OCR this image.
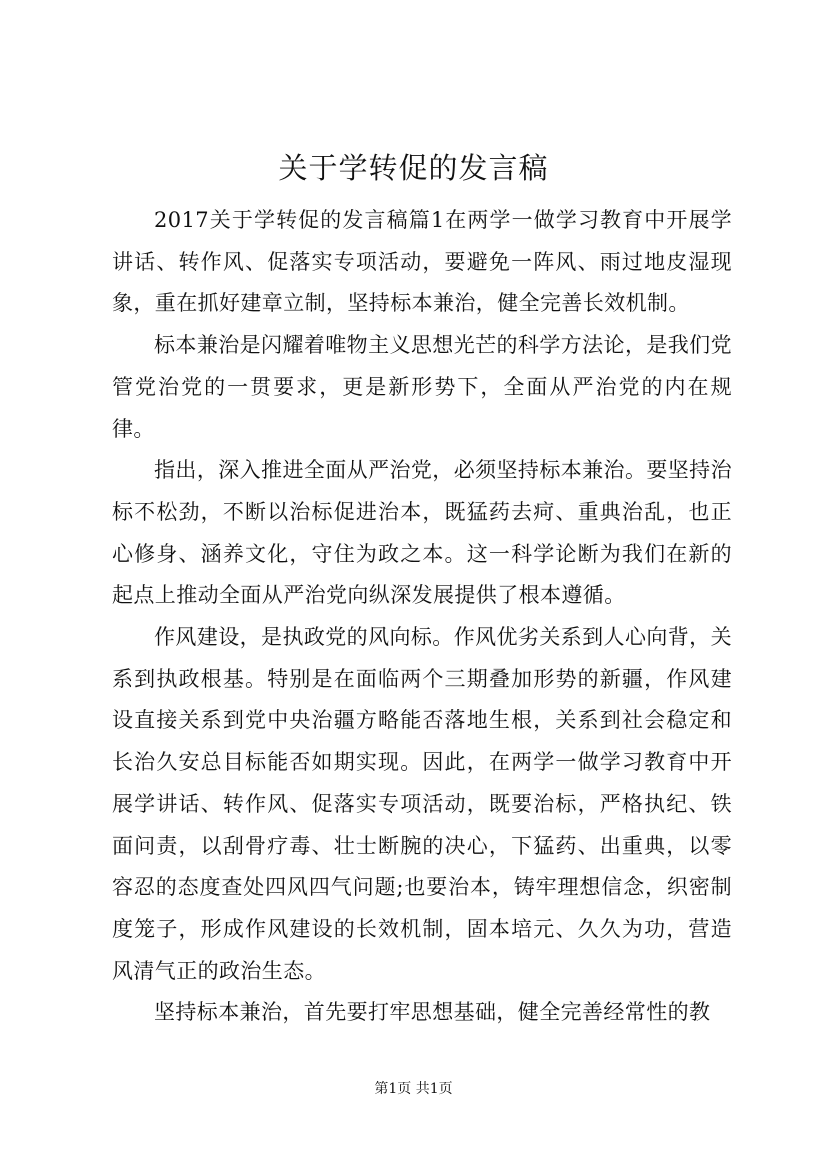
关于学转促的发言稿

2017关于学转促的发言稿篇1在两学一做学习教育中开展学讲话、转作风、促落实专项活动，要避免一阵风、雨过地皮湿现象，重在抓好建章立制，坚持标本兼治，健全完善长效机制。

标本兼治是闪耀着唯物主义思想光芒的科学方法论，是我们党管党治党的一贯要求，更是新形势下，全面从严治党的内在规律。

指出，深入推进全面从严治党，必须坚持标本兼治。要坚持治标不松劲，不断以治标促进治本，既猛药去疴、重典治乱，也正心修身、涵养文化，守住为政之本。这一科学论断为我们在新的起点上推动全面从严治党向纵深发展提供了根本遵循。

作风建设，是执政党的风向标。作风优劣关系到人心向背，关系到执政根基。特别是在面临两个三期叠加形势的新疆，作风建设直接关系到党中央治疆方略能否落地生根，关系到社会稳定和长治久安总目标能否如期实现。因此，在两学一做学习教育中开展学讲话、转作风、促落实专项活动，既要治标，严格执纪、铁面问责，以刮骨疗毒、壮士断腕的决心，下猛药、出重典，以零容忍的态度查处四风四气问题;也要治本，铸牢理想信念，织密制度笼子，形成作风建设的长效机制，固本培元、久久为功，营造风清气正的政治生态。

坚持标本兼治，首先要打牢思想基础，健全完善经常性的教

第1页 共1页
